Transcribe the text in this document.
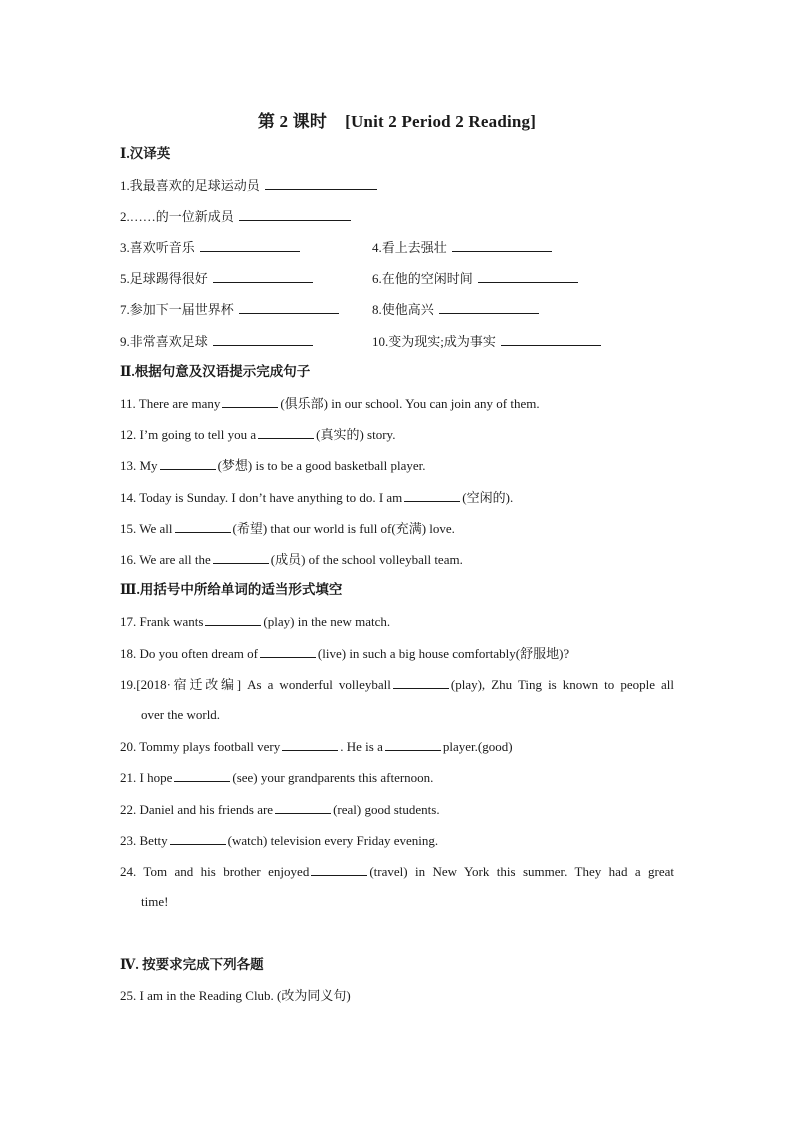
第 2 课时 [Unit 2 Period 2 Reading]
Ⅰ.汉译英
1.我最喜欢的足球运动员
2.……的一位新成员
3.喜欢听音乐	4.看上去强壮
5.足球踢得很好	6.在他的空闲时间
7.参加下一届世界杯	8.使他高兴
9.非常喜欢足球	10.变为现实;成为事实
Ⅱ.根据句意及汉语提示完成句子
11. There are many	(俱乐部) in our school. You can join any of them.
12. I’m going to tell you a	(真实的) story.
13. My	(梦想) is to be a good basketball player.
14. Today is Sunday. I don’t have anything to do. I am	(空闲的).
15. We all	(希望) that our world is full of(充满) love.
16. We are all the	(成员) of the school volleyball team.
Ⅲ.用括号中所给单词的适当形式填空
17. Frank wants	(play) in the new match.
18. Do you often dream of	(live) in such a big house comfortably(舒服地)?
19.[2018·宿迁改编] As a wonderful volleyball	(play), Zhu Ting is known to people all
over the world.
20. Tommy plays football very	. He is a	player.(good)
21. I hope	(see) your grandparents this afternoon.
22. Daniel and his friends are	(real) good students.
23. Betty	(watch) television every Friday evening.
24. Tom and his brother enjoyed	(travel) in New York this summer. They had a great
time!
Ⅳ. 按要求完成下列各题
25. I am in the Reading Club. (改为同义句)
